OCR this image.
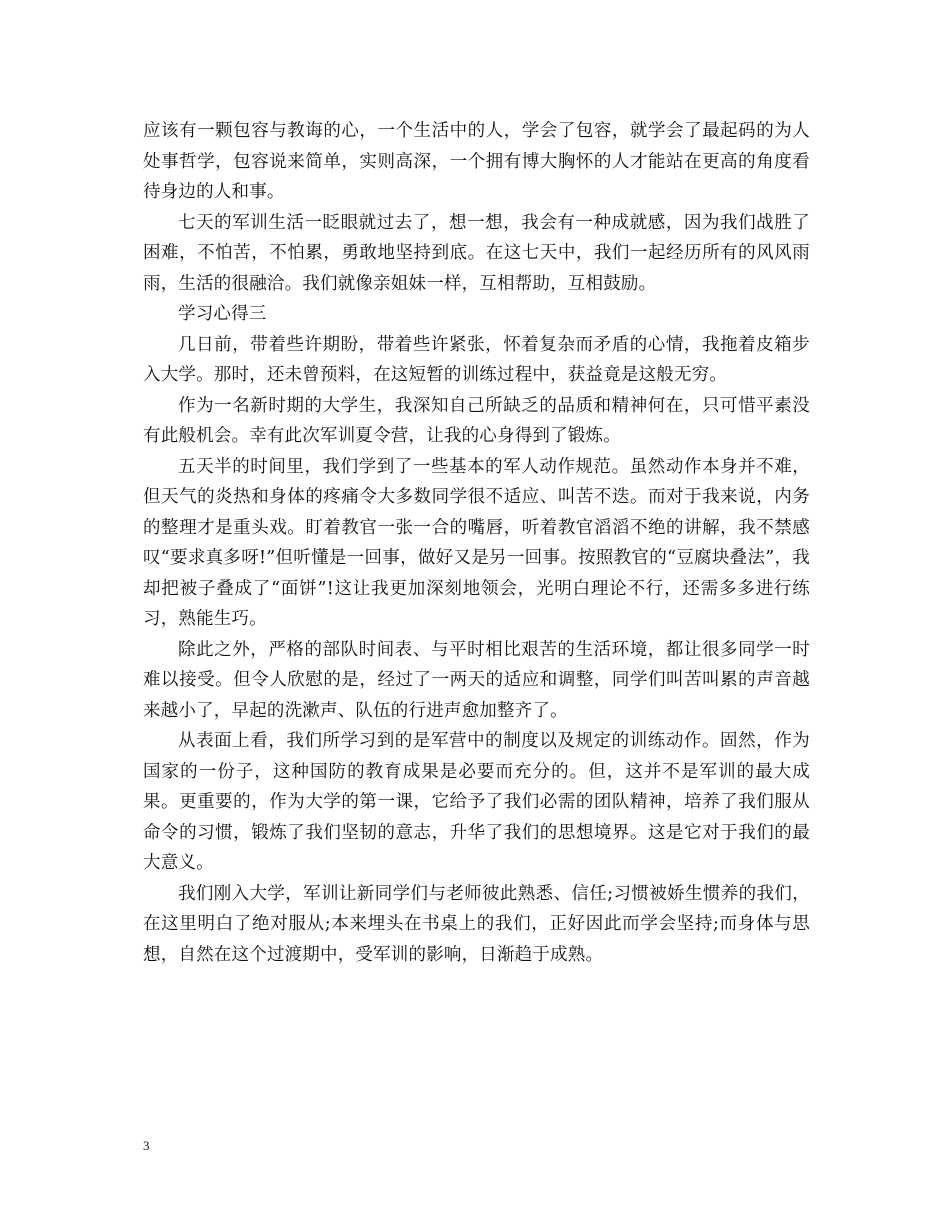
应该有一颗包容与教诲的心，一个生活中的人，学会了包容，就学会了最起码的为人处事哲学，包容说来简单，实则高深，一个拥有博大胸怀的人才能站在更高的角度看待身边的人和事。

七天的军训生活一眨眼就过去了，想一想，我会有一种成就感，因为我们战胜了困难，不怕苦，不怕累，勇敢地坚持到底。在这七天中，我们一起经历所有的风风雨雨，生活的很融洽。我们就像亲姐妹一样，互相帮助，互相鼓励。

学习心得三

几日前，带着些许期盼，带着些许紧张，怀着复杂而矛盾的心情，我拖着皮箱步入大学。那时，还未曾预料，在这短暂的训练过程中，获益竟是这般无穷。

作为一名新时期的大学生，我深知自己所缺乏的品质和精神何在，只可惜平素没有此般机会。幸有此次军训夏令营，让我的心身得到了锻炼。

五天半的时间里，我们学到了一些基本的军人动作规范。虽然动作本身并不难，但天气的炎热和身体的疼痛令大多数同学很不适应、叫苦不迭。而对于我来说，内务的整理才是重头戏。盯着教官一张一合的嘴唇，听着教官滔滔不绝的讲解，我不禁感叹“要求真多呀!”但听懂是一回事，做好又是另一回事。按照教官的“豆腐块叠法”，我却把被子叠成了“面饼”!这让我更加深刻地领会，光明白理论不行，还需多多进行练习，熟能生巧。

除此之外，严格的部队时间表、与平时相比艰苦的生活环境，都让很多同学一时难以接受。但令人欣慰的是，经过了一两天的适应和调整，同学们叫苦叫累的声音越来越小了，早起的洗漱声、队伍的行进声愈加整齐了。

从表面上看，我们所学习到的是军营中的制度以及规定的训练动作。固然，作为国家的一份子，这种国防的教育成果是必要而充分的。但，这并不是军训的最大成果。更重要的，作为大学的第一课，它给予了我们必需的团队精神，培养了我们服从命令的习惯，锻炼了我们坚韧的意志，升华了我们的思想境界。这是它对于我们的最大意义。

我们刚入大学，军训让新同学们与老师彼此熟悉、信任;习惯被娇生惯养的我们，在这里明白了绝对服从;本来埋头在书桌上的我们，正好因此而学会坚持;而身体与思想，自然在这个过渡期中，受军训的影响，日渐趋于成熟。

3
